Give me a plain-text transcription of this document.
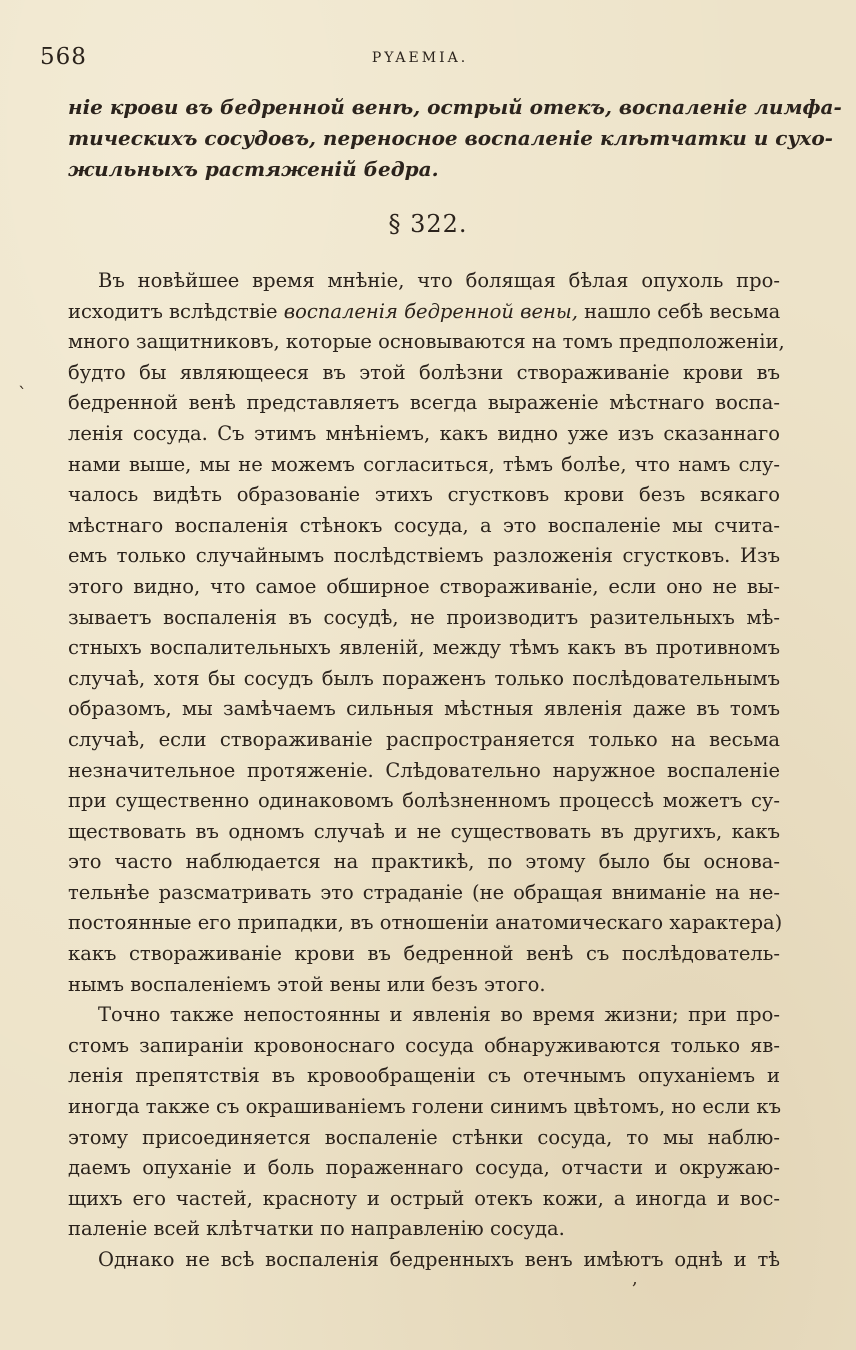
568	PYAEMIA.
ніе крови въ бедренной венѣ, острый отекъ, воспаленіе лимфа-
тическихъ сосудовъ, переносное воспаленіе клѣтчатки и сухо-
жильныхъ растяженій бедра.
§ 322.
Въ новѣйшее время мнѣніе, что болящая бѣлая опухоль про-
исходитъ вслѣдствіе воспаленія бедренной вены, нашло себѣ весьма
много защитниковъ, которые основываются на томъ предположеніи,
будто бы являющееся въ этой болѣзни створаживаніе крови въ
бедренной венѣ представляетъ всегда выраженіе мѣстнаго воспа-
ленія сосуда. Съ этимъ мнѣніемъ, какъ видно уже изъ сказаннаго
нами выше, мы не можемъ согласиться, тѣмъ болѣе, что намъ слу-
чалось видѣть образованіе этихъ сгустковъ крови безъ всякаго
мѣстнаго воспаленія стѣнокъ сосуда, а это воспаленіе мы счита-
емъ только случайнымъ послѣдствіемъ разложенія сгустковъ. Изъ
этого видно, что самое обширное створаживаніе, если оно не вы-
зываетъ воспаленія въ сосудѣ, не производитъ разительныхъ мѣ-
стныхъ воспалительныхъ явленій, между тѣмъ какъ въ противномъ
случаѣ, хотя бы сосудъ былъ пораженъ только послѣдовательнымъ
образомъ, мы замѣчаемъ сильныя мѣстныя явленія даже въ томъ
случаѣ, если створаживаніе распространяется только на весьма
незначительное протяженіе. Слѣдовательно наружное воспаленіе
при существенно одинаковомъ болѣзненномъ процессѣ можетъ су-
ществовать въ одномъ случаѣ и не существовать въ другихъ, какъ
это часто наблюдается на практикѣ, по этому было бы основа-
тельнѣе разсматривать это страданіе (не обращая вниманіе на не-
постоянные его припадки, въ отношеніи анатомическаго характера)
какъ створаживаніе крови въ бедренной венѣ съ послѣдователь-
нымъ воспаленіемъ этой вены или безъ этого.
Точно также непостоянны и явленія во время жизни; при про-
стомъ запираніи кровоноснаго сосуда обнаруживаются только яв-
ленія препятствія въ кровообращеніи съ отечнымъ опуханіемъ и
иногда также съ окрашиваніемъ голени синимъ цвѣтомъ, но если къ
этому присоединяется воспаленіе стѣнки сосуда, то мы наблю-
даемъ опуханіе и боль пораженнаго сосуда, отчасти и окружаю-
щихъ его частей, красноту и острый отекъ кожи, а иногда и вос-
паленіе всей клѣтчатки по направленію сосуда.
Однако не всѣ воспаленія бедренныхъ венъ имѣютъ однѣ и тѣ
`
,
